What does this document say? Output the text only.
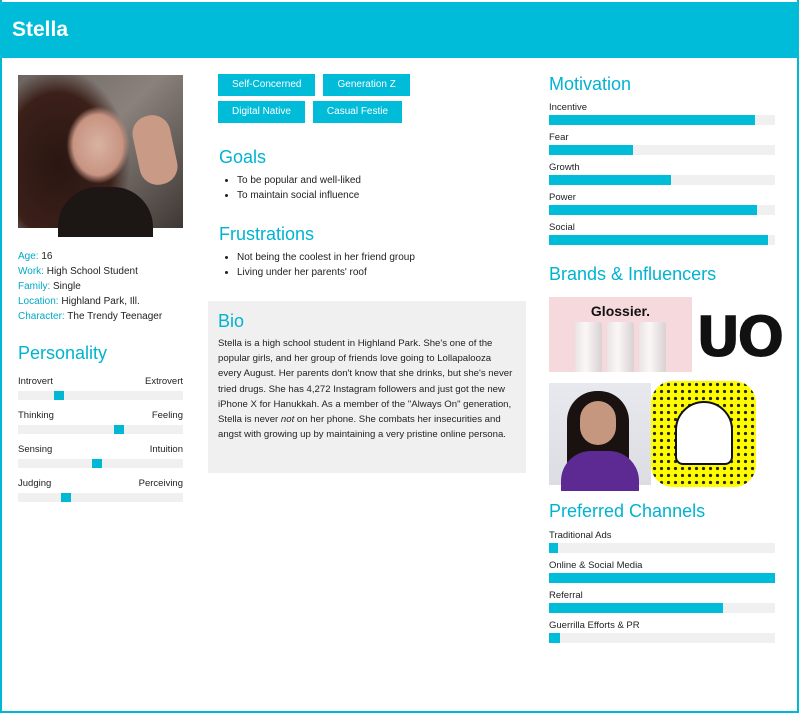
Stella
Age: 16
Work: High School Student
Family: Single
Location: Highland Park, Ill.
Character: The Trendy Teenager
Personality
Introvert	Extrovert
Thinking	Feeling
Sensing	Intuition
Judging	Perceiving
Self-Concerned	Generation Z
Digital Native	Casual Festie
Goals
• To be popular and well-liked
• To maintain social influence
Frustrations
• Not being the coolest in her friend group
• Living under her parents' roof
Bio
Stella is a high school student in Highland Park. She's one of the popular girls, and her group of friends love going to Lollapalooza every August. Her parents don't know that she drinks, but she's never tried drugs. She has 4,272 Instagram followers and just got the new iPhone X for Hanukkah. As a member of the "Always On" generation, Stella is never not on her phone. She combats her insecurities and angst with growing up by maintaining a very pristine online persona.
Motivation
Incentive
Fear
Growth
Power
Social
Brands & Influencers
Glossier. UO
Preferred Channels
Traditional Ads
Online & Social Media
Referral
Guerrilla Efforts & PR
